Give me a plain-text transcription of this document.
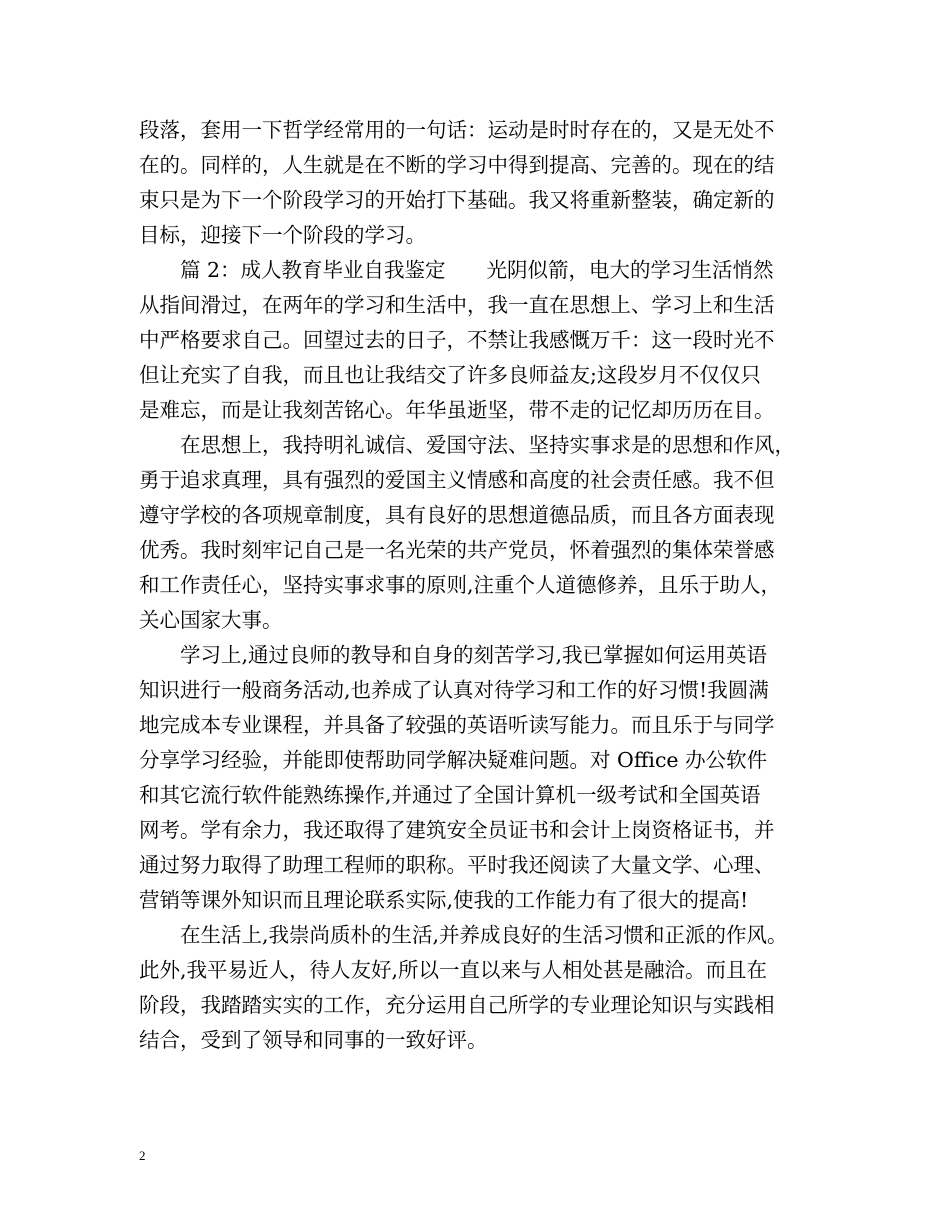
段落，套用一下哲学经常用的一句话：运动是时时存在的，又是无处不
在的。同样的，人生就是在不断的学习中得到提高、完善的。现在的结
束只是为下一个阶段学习的开始打下基础。我又将重新整装，确定新的
目标，迎接下一个阶段的学习。
　　篇 2：成人教育毕业自我鉴定　　光阴似箭，电大的学习生活悄然
从指间滑过，在两年的学习和生活中，我一直在思想上、学习上和生活
中严格要求自己。回望过去的日子，不禁让我感慨万千：这一段时光不
但让充实了自我，而且也让我结交了许多良师益友;这段岁月不仅仅只
是难忘，而是让我刻苦铭心。年华虽逝坚，带不走的记忆却历历在目。
　　在思想上，我持明礼诚信、爱国守法、坚持实事求是的思想和作风，
勇于追求真理，具有强烈的爱国主义情感和高度的社会责任感。我不但
遵守学校的各项规章制度，具有良好的思想道德品质，而且各方面表现
优秀。我时刻牢记自己是一名光荣的共产党员，怀着强烈的集体荣誉感
和工作责任心，坚持实事求事的原则,注重个人道德修养，且乐于助人，
关心国家大事。
　　学习上,通过良师的教导和自身的刻苦学习,我已掌握如何运用英语
知识进行一般商务活动,也养成了认真对待学习和工作的好习惯!我圆满
地完成本专业课程，并具备了较强的英语听读写能力。而且乐于与同学
分享学习经验，并能即使帮助同学解决疑难问题。对 Office 办公软件
和其它流行软件能熟练操作,并通过了全国计算机一级考试和全国英语
网考。学有余力，我还取得了建筑安全员证书和会计上岗资格证书，并
通过努力取得了助理工程师的职称。平时我还阅读了大量文学、心理、
营销等课外知识而且理论联系实际,使我的工作能力有了很大的提高!
　　在生活上,我崇尚质朴的生活,并养成良好的生活习惯和正派的作风。
此外,我平易近人，待人友好,所以一直以来与人相处甚是融洽。而且在
阶段，我踏踏实实的工作，充分运用自己所学的专业理论知识与实践相
结合，受到了领导和同事的一致好评。
2
